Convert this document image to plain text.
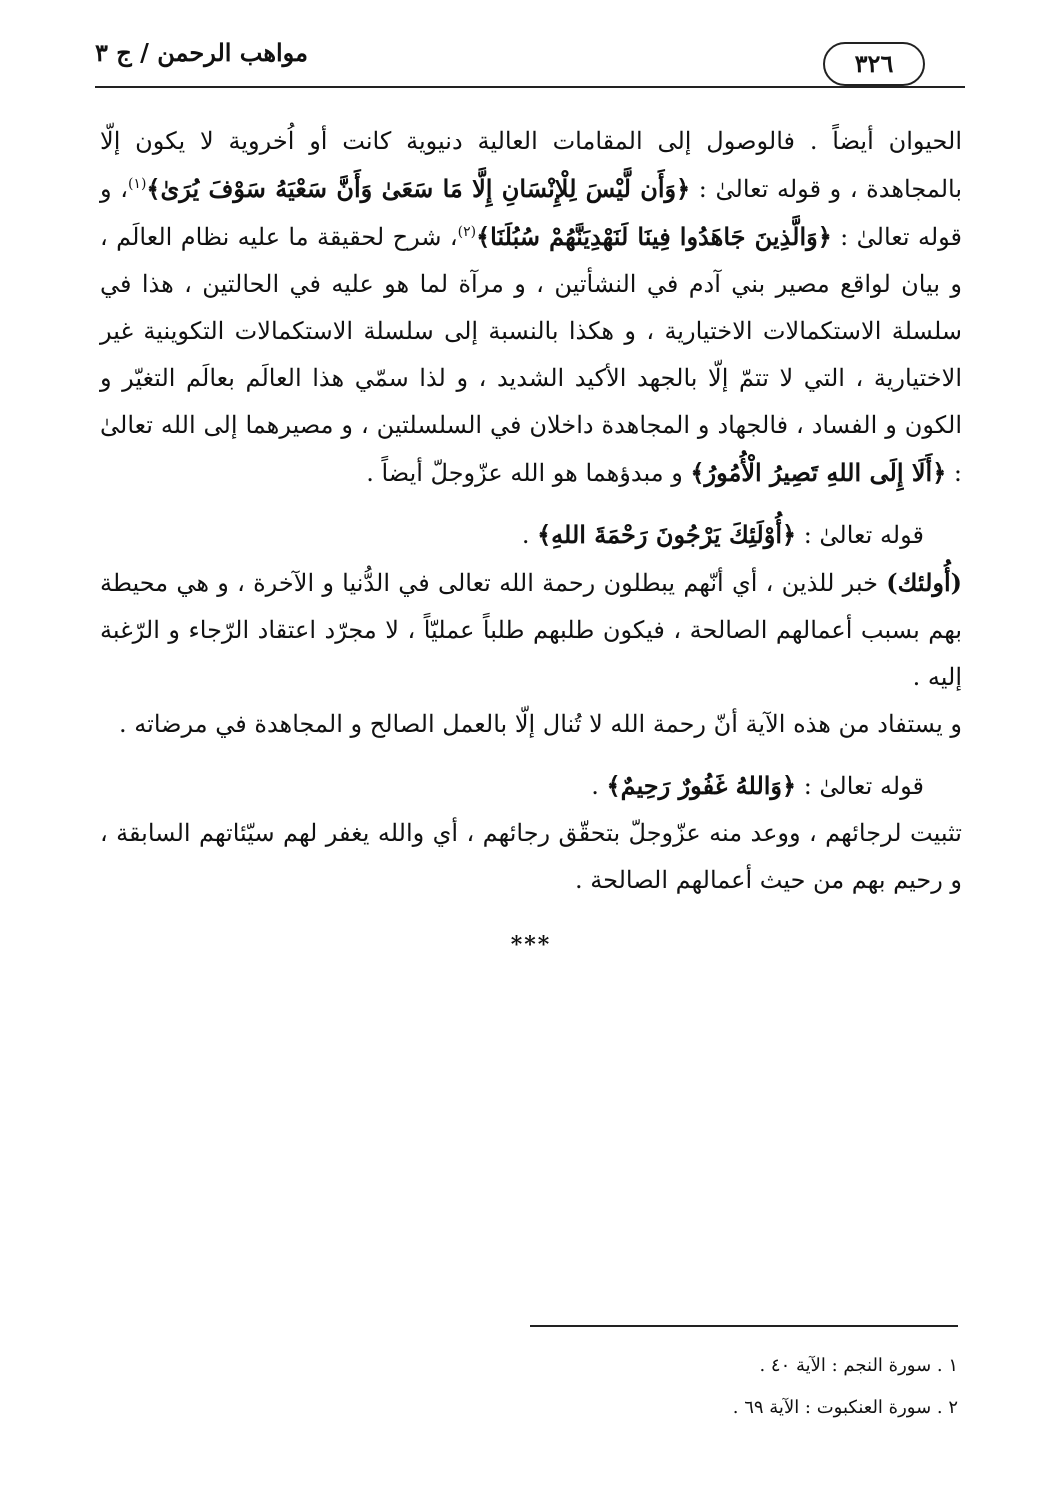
٣٢٦
مواهب الرحمن / ج ٣

الحيوان أيضاً . فالوصول إلى المقامات العالية دنيوية كانت أو اُخروية لا يكون إلّا بالمجاهدة ، و قوله تعالىٰ : ﴿وَأَن لَّيْسَ لِلْإِنْسَانِ إِلَّا مَا سَعَىٰ وَأَنَّ سَعْيَهُ سَوْفَ يُرَىٰ﴾$^{(١)}$، و قوله تعالىٰ : ﴿وَالَّذِينَ جَاهَدُوا فِينَا لَنَهْدِيَنَّهُمْ سُبُلَنَا﴾$^{(٢)}$، شرح لحقيقة ما عليه نظام العالَم ، و بيان لواقع مصير بني آدم في النشأتين ، و مرآة لما هو عليه في الحالتين ، هذا في سلسلة الاستكمالات الاختيارية ، و هكذا بالنسبة إلى سلسلة الاستكمالات التكوينية غير الاختيارية ، التي لا تتمّ إلّا بالجهد الأكيد الشديد ، و لذا سمّي هذا العالَم بعالَم التغيّر و الكون و الفساد ، فالجهاد و المجاهدة داخلان في السلسلتين ، و مصيرهما إلى الله تعالىٰ : ﴿أَلَا إِلَى اللهِ تَصِيرُ الْأُمُورُ﴾ و مبدؤهما هو الله عزّوجلّ أيضاً .

قوله تعالىٰ : ﴿أُوْلَئِكَ يَرْجُونَ رَحْمَةَ اللهِ﴾ .

(أُولئك) خبر للذين ، أي أنّهم يبطلون رحمة الله تعالى في الدُّنيا و الآخرة ، و هي محيطة بهم بسبب أعمالهم الصالحة ، فيكون طلبهم طلباً عمليّاً ، لا مجرّد اعتقاد الرّجاء و الرّغبة إليه .

و يستفاد من هذه الآية أنّ رحمة الله لا تُنال إلّا بالعمل الصالح و المجاهدة في مرضاته .

قوله تعالىٰ : ﴿وَاللهُ غَفُورٌ رَحِيمٌ﴾ .

تثبيت لرجائهم ، ووعد منه عزّوجلّ بتحقّق رجائهم ، أي والله يغفر لهم سيّئاتهم السابقة ، و رحيم بهم من حيث أعمالهم الصالحة .

***

١ . سورة النجم : الآية ٤٠ .

٢ . سورة العنكبوت : الآية ٦٩ .
